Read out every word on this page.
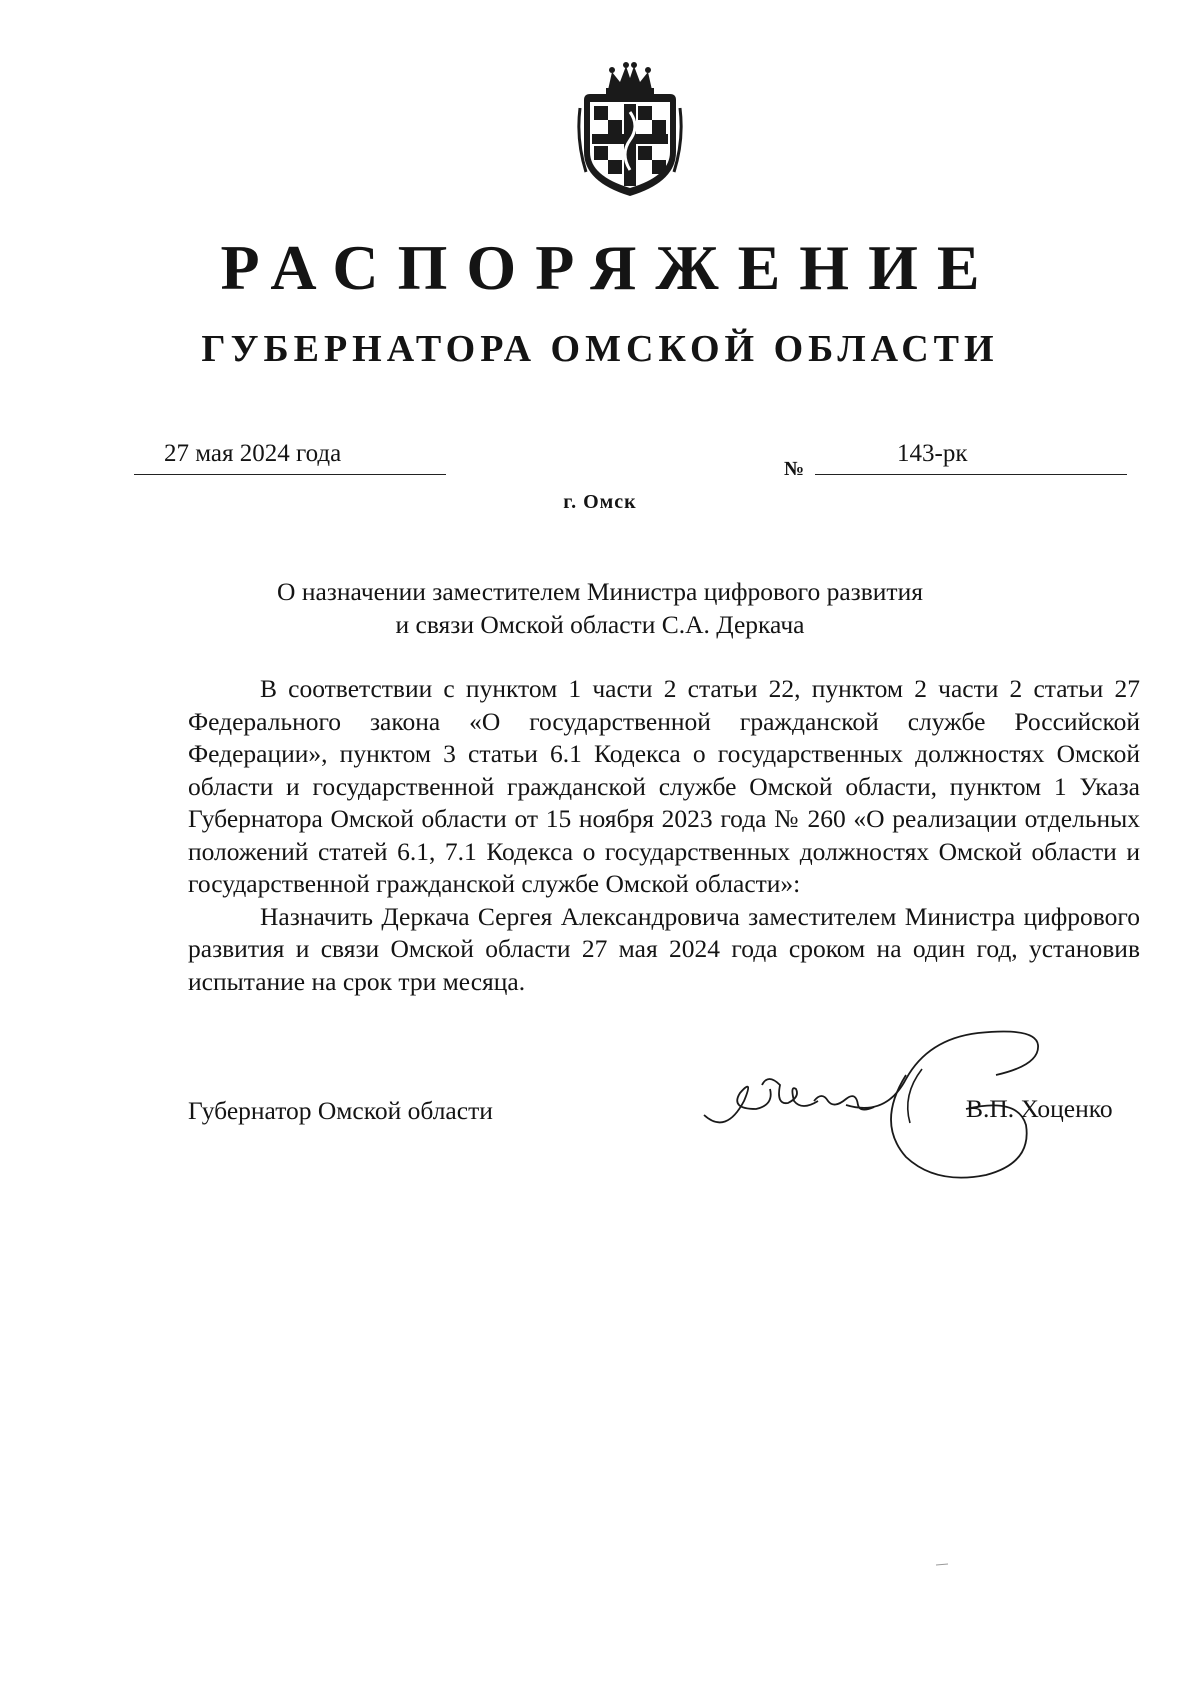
РАСПОРЯЖЕНИЕ
ГУБЕРНАТОРА ОМСКОЙ ОБЛАСТИ
27 мая 2024 года
№
143-рк
г. Омск
О назначении заместителем Министра цифрового развития
и связи Омской области С.А. Деркача

В соответствии с пунктом 1 части 2 статьи 22, пунктом 2 части 2 статьи 27 Федерального закона «О государственной гражданской службе Российской Федерации», пунктом 3 статьи 6.1 Кодекса о государственных должностях Омской области и государственной гражданской службе Омской области, пунктом 1 Указа Губернатора Омской области от 15 ноября 2023 года № 260 «О реализации отдельных положений статей 6.1, 7.1 Кодекса о государственных должностях Омской области и государственной гражданской службе Омской области»:

Назначить Деркача Сергея Александровича заместителем Министра цифрового развития и связи Омской области 27 мая 2024 года сроком на один год, установив испытание на срок три месяца.

Губернатор Омской области	В.П. Хоценко
